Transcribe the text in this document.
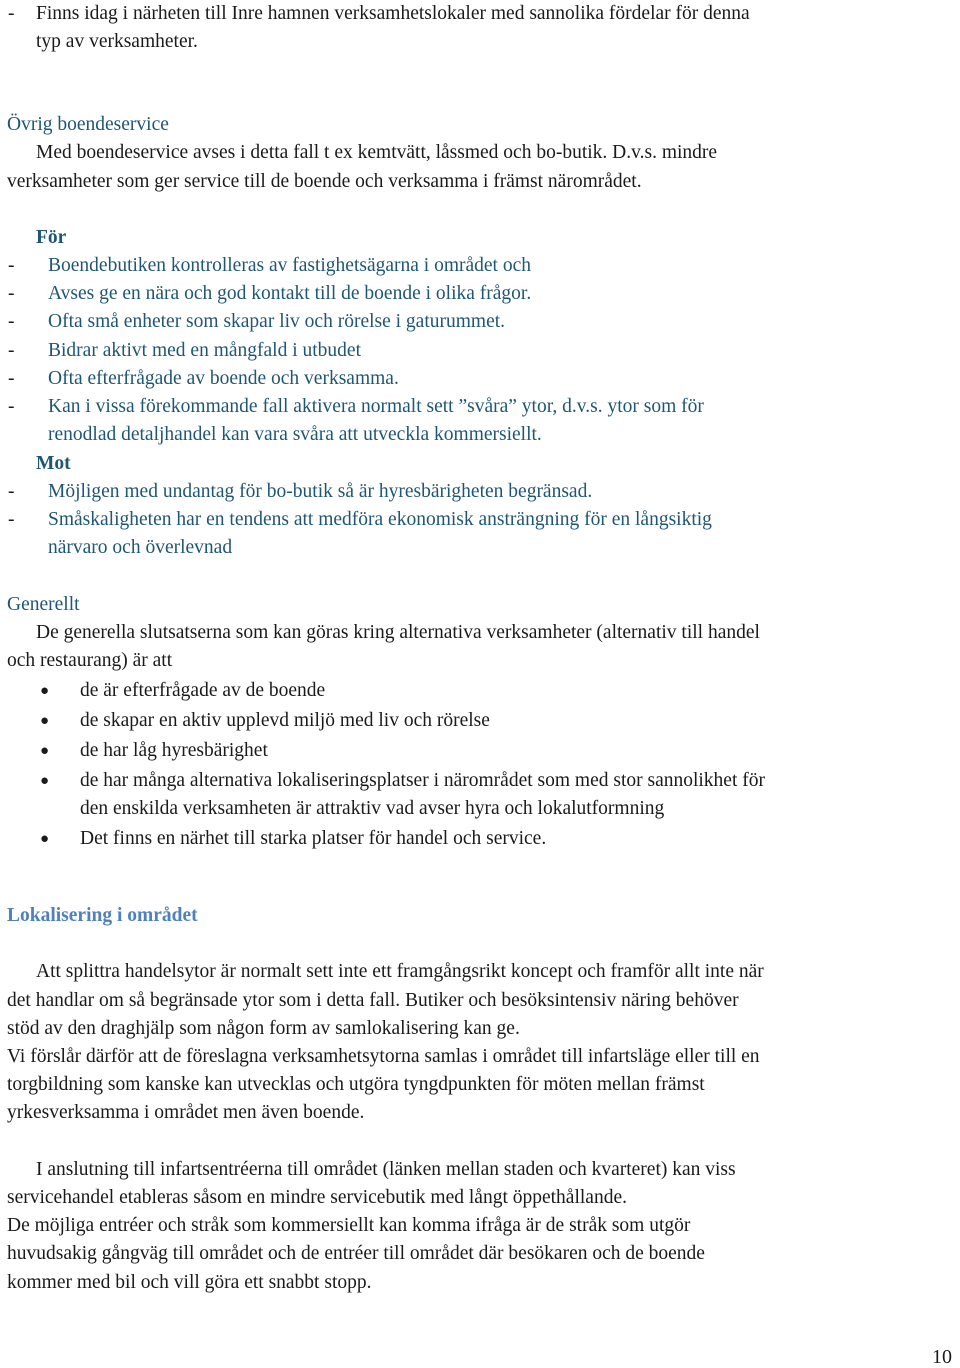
- Finns idag i närheten till Inre hamnen verksamhetslokaler med sannolika fördelar för denna
typ av verksamheter.
Övrig boendeservice
Med boendeservice avses i detta fall t ex kemtvätt, låssmed och bo-butik. D.v.s. mindre
verksamheter som ger service till de boende och verksamma i främst närområdet.
För
- Boendebutiken kontrolleras av fastighetsägarna i området och
- Avses ge en nära och god kontakt till de boende i olika frågor.
- Ofta små enheter som skapar liv och rörelse i gaturummet.
- Bidrar aktivt med en mångfald i utbudet
- Ofta efterfrågade av boende och verksamma.
- Kan i vissa förekommande fall aktivera normalt sett ”svåra” ytor, d.v.s. ytor som för
renodlad detaljhandel kan vara svåra att utveckla kommersiellt.
Mot
- Möjligen med undantag för bo-butik så är hyresbärigheten begränsad.
- Småskaligheten har en tendens att medföra ekonomisk ansträngning för en långsiktig
närvaro och överlevnad
Generellt
De generella slutsatserna som kan göras kring alternativa verksamheter (alternativ till handel
och restaurang) är att
● de är efterfrågade av de boende
● de skapar en aktiv upplevd miljö med liv och rörelse
● de har låg hyresbärighet
● de har många alternativa lokaliseringsplatser i närområdet som med stor sannolikhet för
den enskilda verksamheten är attraktiv vad avser hyra och lokalutformning
● Det finns en närhet till starka platser för handel och service.
Lokalisering i området
Att splittra handelsytor är normalt sett inte ett framgångsrikt koncept och framför allt inte när
det handlar om så begränsade ytor som i detta fall. Butiker och besöksintensiv näring behöver
stöd av den draghjälp som någon form av samlokalisering kan ge.
Vi förslår därför att de föreslagna verksamhetsytorna samlas i området till infartsläge eller till en
torgbildning som kanske kan utvecklas och utgöra tyngdpunkten för möten mellan främst
yrkesverksamma i området men även boende.
I anslutning till infartsentréerna till området (länken mellan staden och kvarteret) kan viss
servicehandel etableras såsom en mindre servicebutik med långt öppethållande.
De möjliga entréer och stråk som kommersiellt kan komma ifråga är de stråk som utgör
huvudsakig gångväg till området och de entréer till området där besökaren och de boende
kommer med bil och vill göra ett snabbt stopp.
10
